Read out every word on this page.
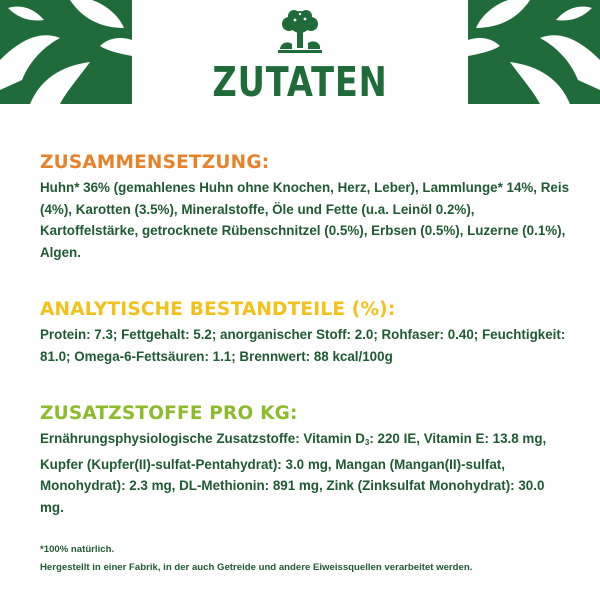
ZUTATEN
ZUSAMMENSETZUNG:
Huhn* 36% (gemahlenes Huhn ohne Knochen, Herz, Leber), Lammlunge* 14%, Reis (4%), Karotten (3.5%), Mineralstoffe, Öle und Fette (u.a. Leinöl 0.2%), Kartoffelstärke, getrocknete Rübenschnitzel (0.5%), Erbsen (0.5%), Luzerne (0.1%), Algen.
ANALYTISCHE BESTANDTEILE (%):
Protein: 7.3; Fettgehalt: 5.2; anorganischer Stoff: 2.0; Rohfaser: 0.40; Feuchtigkeit: 81.0; Omega-6-Fettsäuren: 1.1; Brennwert: 88 kcal/100g
ZUSATZSTOFFE PRO KG:
Ernährungsphysiologische Zusatzstoffe: Vitamin $D_3$: 220 IE, Vitamin E: 13.8 mg, Kupfer (Kupfer(II)-sulfat-Pentahydrat): 3.0 mg, Mangan (Mangan(II)-sulfat, Monohydrat): 2.3 mg, DL-Methionin: 891 mg, Zink (Zinksulfat Monohydrat): 30.0 mg.
*100% natürlich.
Hergestellt in einer Fabrik, in der auch Getreide und andere Eiweissquellen verarbeitet werden.
